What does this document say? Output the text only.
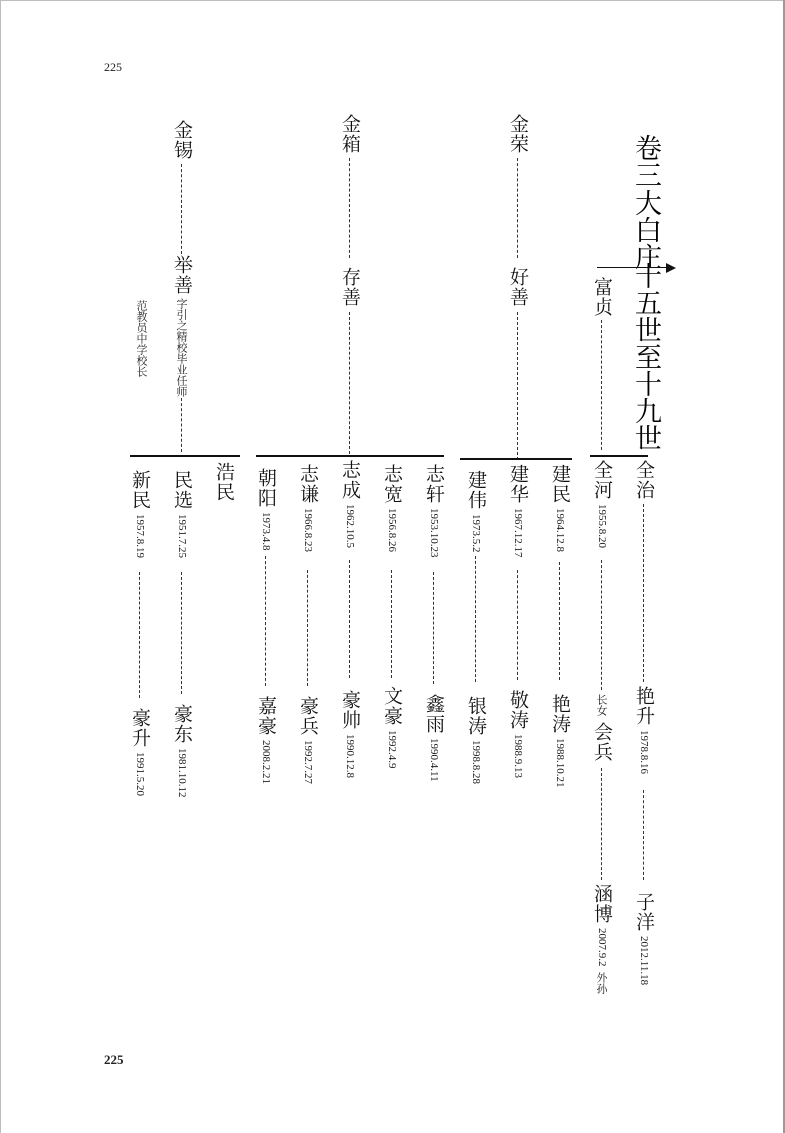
225
225
卷三
大白庄
十五世至十九世
金荣
金箱
金锡
富贞
好善
存善
举善
字引之精校毕业任师
范教员中学校长
全治
艳升
1978.8.16
子洋
2012.11.18
全河
1955.8.20
长女
会兵
涵博
2007.9.2
外孙
建民
1964.12.8
艳涛
1988.10.21
建华
1967.12.17
敬涛
1988.9.13
建伟
1973.5.2
银涛
1998.8.28
志轩
1953.10.23
鑫雨
1990.4.11
志宽
1956.8.26
文豪
1992.4.9
志成
1962.10.5
豪帅
1990.12.8
志谦
1966.8.23
豪兵
1992.7.27
朝阳
1973.4.8
嘉豪
2008.2.21
浩民
民选
1951.7.25
豪东
1981.10.12
新民
1957.8.19
豪升
1991.5.20
